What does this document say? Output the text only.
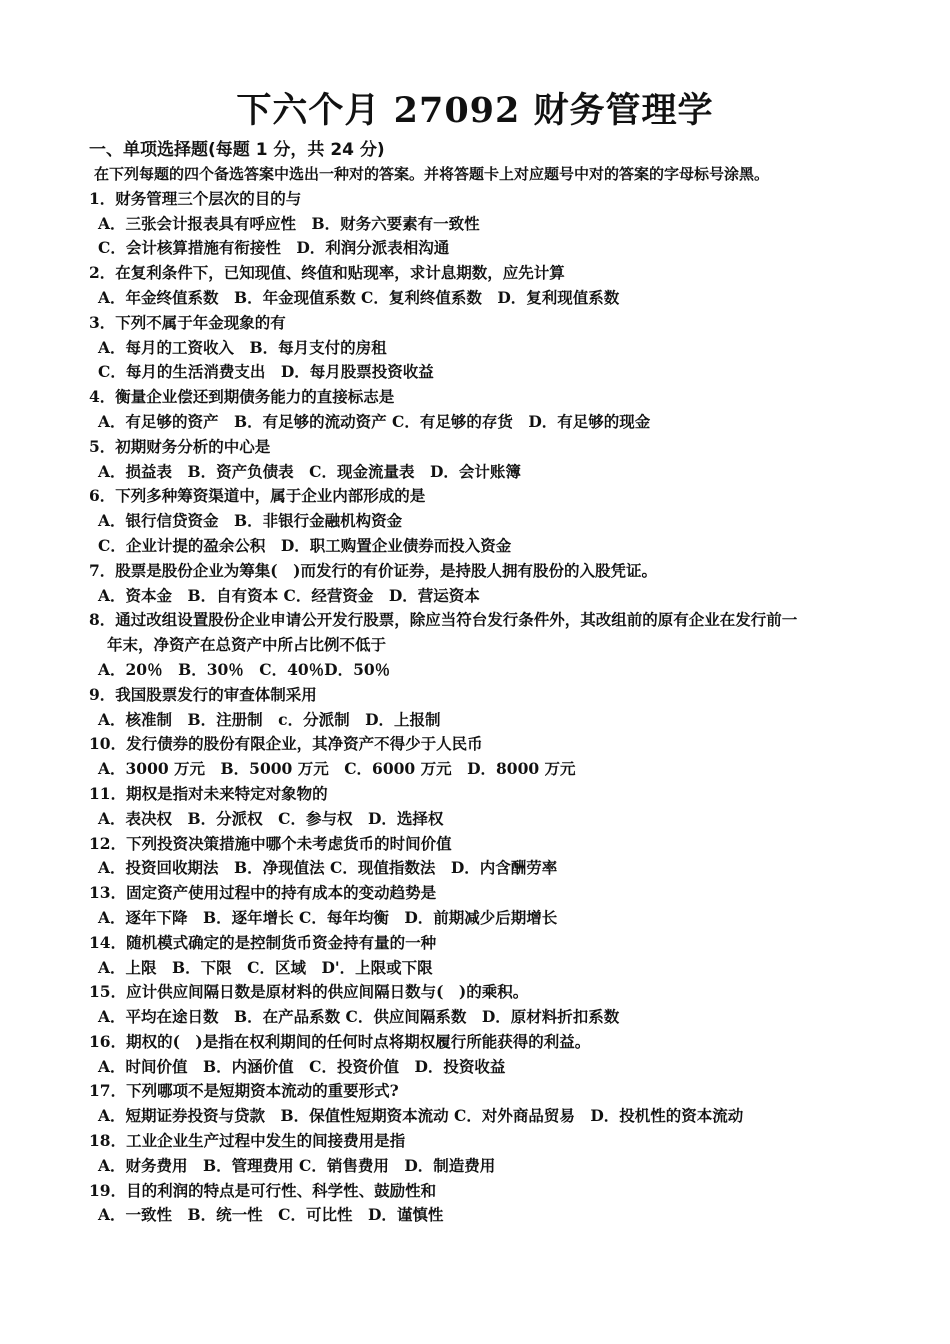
下六个月 27092 财务管理学
一、单项选择题(每题 1 分，共 24 分)
在下列每题的四个备选答案中选出一种对的答案。并将答题卡上对应题号中对的答案的字母标号涂黑。
1．财务管理三个层次的目的与
A．三张会计报表具有呼应性　B．财务六要素有一致性
C．会计核算措施有衔接性　D．利润分派表相沟通
2．在复利条件下，已知现值、终值和贴现率，求计息期数，应先计算
A．年金终值系数　B．年金现值系数 C．复利终值系数　D．复利现值系数
3．下列不属于年金现象的有
A．每月的工资收入　B．每月支付的房租
C．每月的生活消费支出　D．每月股票投资收益
4．衡量企业偿还到期债务能力的直接标志是
A．有足够的资产　B．有足够的流动资产 C．有足够的存货　D．有足够的现金
5．初期财务分析的中心是
A．损益表　B．资产负债表　C．现金流量表　D．会计账簿
6．下列多种筹资渠道中，属于企业内部形成的是
A．银行信贷资金　B．非银行金融机构资金
C．企业计提的盈余公积　D．职工购置企业债券而投入资金
7．股票是股份企业为筹集(　)而发行的有价证券，是持股人拥有股份的入股凭证。
A．资本金　B．自有资本 C．经营资金　D．营运资本
8．通过改组设置股份企业申请公开发行股票，除应当符台发行条件外，其改组前的原有企业在发行前一
年末，净资产在总资产中所占比例不低于
A．20％　B．30％　C．40％D．50％
9．我国股票发行的审查体制采用
A．核准制　B．注册制　c．分派制　D．上报制
10．发行债券的股份有限企业，其净资产不得少于人民币
A．3000 万元　B．5000 万元　C．6000 万元　D．8000 万元
11．期权是指对未来特定对象物的
A．表决权　B．分派权　C．参与权　D．选择权
12．下列投资决策措施中哪个未考虑货币的时间价值
A．投资回收期法　B．净现值法 C．现值指数法　D．内含酬劳率
13．固定资产使用过程中的持有成本的变动趋势是
A．逐年下降　B．逐年增长 C．每年均衡　D．前期减少后期增长
14．随机模式确定的是控制货币资金持有量的一种
A．上限　B．下限　C．区域　D'．上限或下限
15．应计供应间隔日数是原材料的供应间隔日数与(　)的乘积。
A．平均在途日数　B．在产品系数 C．供应间隔系数　D．原材料折扣系数
16．期权的(　)是指在权利期间的任何时点将期权履行所能获得的利益。
A．时间价值　B．内涵价值　C．投资价值　D．投资收益
17．下列哪项不是短期资本流动的重要形式?
A．短期证券投资与贷款　B．保值性短期资本流动 C．对外商品贸易　D．投机性的资本流动
18．工业企业生产过程中发生的间接费用是指
A．财务费用　B．管理费用 C．销售费用　D．制造费用
19．目的利润的特点是可行性、科学性、鼓励性和
A．一致性　B．统一性　C．可比性　D．谨慎性
